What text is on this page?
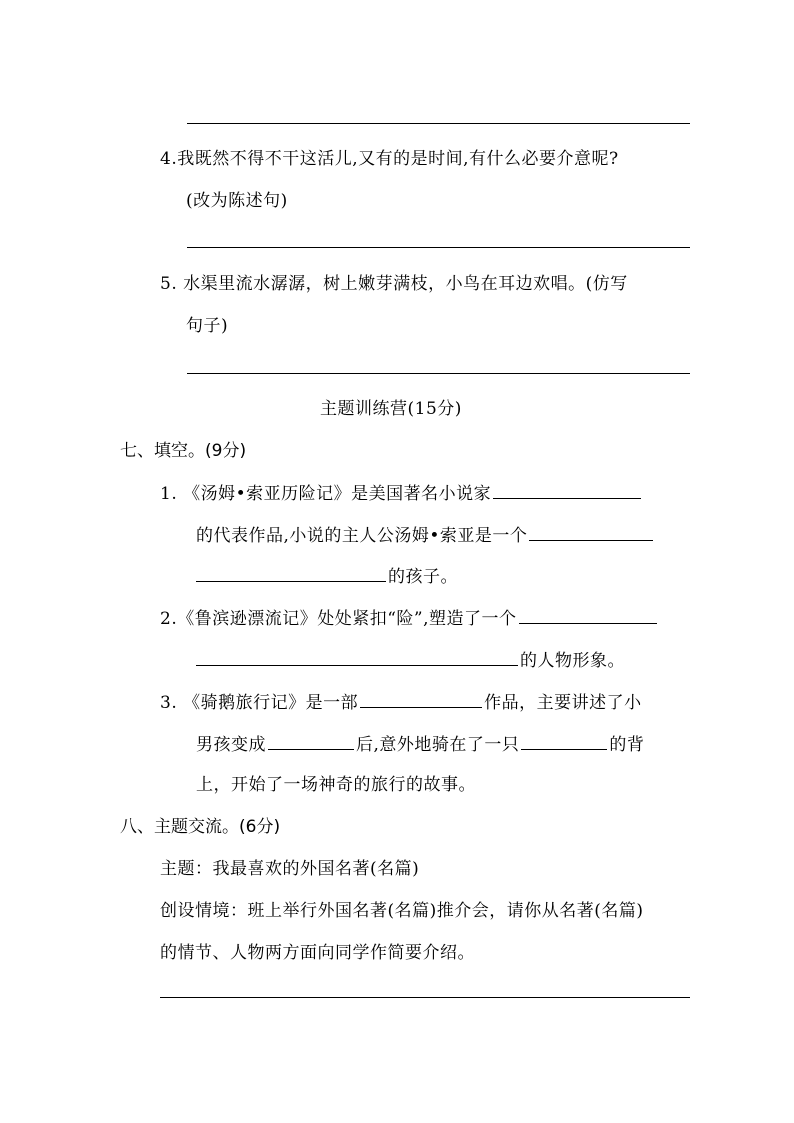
4.我既然不得不干这活儿,又有的是时间,有什么必要介意呢?
(改为陈述句)
5. 水渠里流水潺潺，树上嫩芽满枝，小鸟在耳边欢唱。(仿写
句子)
主题训练营(15分)
七、填空。(9分)
1. 《汤姆•索亚历险记》是美国著名小说家
的代表作品,小说的主人公汤姆•索亚是一个
的孩子。
2.《鲁滨逊漂流记》处处紧扣“险”,塑造了一个
的人物形象。
3. 《骑鹅旅行记》是一部	作品，主要讲述了小
男孩变成	后,意外地骑在了一只	的背
上，开始了一场神奇的旅行的故事。
八、主题交流。(6分)
主题：我最喜欢的外国名著(名篇)
创设情境：班上举行外国名著(名篇)推介会，请你从名著(名篇)
的情节、人物两方面向同学作简要介绍。
